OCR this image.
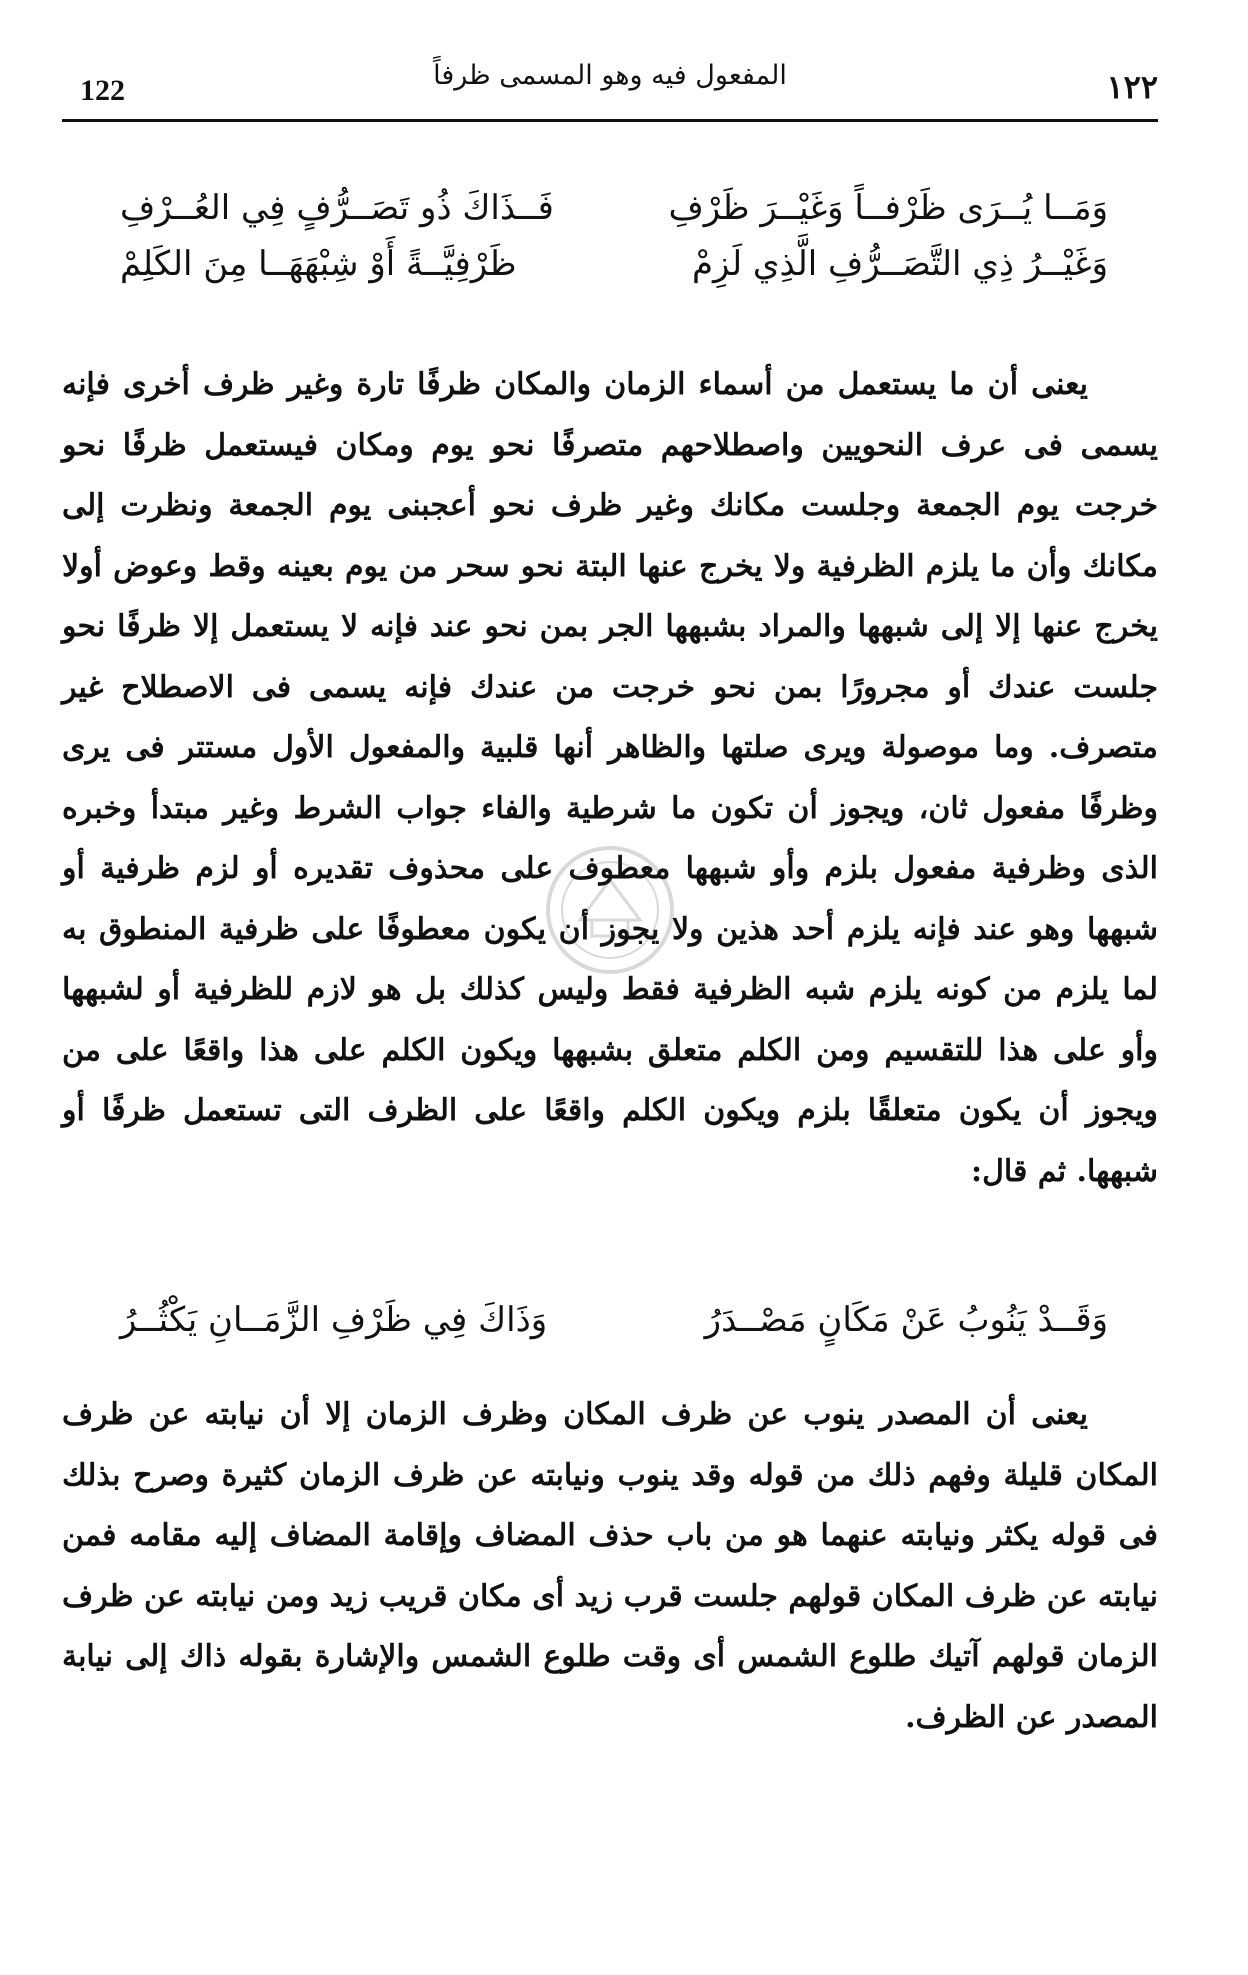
122	المفعول فيه وهو المسمى ظرفاً	١٢٢
وَمَــا يُــرَى ظَرْفــاً وَغَيْــرَ ظَرْفِ
فَــذَاكَ ذُو تَصَــرُّفٍ فِي العُــرْفِ
وَغَيْــرُ ذِي التَّصَــرُّفِ الَّذِي لَزِمْ
ظَرْفِيَّــةً أَوْ شِبْهَهَــا مِنَ الكَلِمْ

يعنى أن ما يستعمل من أسماء الزمان والمكان ظرفًا تارة وغير ظرف أخرى فإنه يسمى فى عرف النحويين واصطلاحهم متصرفًا نحو يوم ومكان فيستعمل ظرفًا نحو خرجت يوم الجمعة وجلست مكانك وغير ظرف نحو أعجبنى يوم الجمعة ونظرت إلى مكانك وأن ما يلزم الظرفية ولا يخرج عنها البتة نحو سحر من يوم بعينه وقط وعوض أولا يخرج عنها إلا إلى شبهها والمراد بشبهها الجر بمن نحو عند فإنه لا يستعمل إلا ظرفًا نحو جلست عندك أو مجرورًا بمن نحو خرجت من عندك فإنه يسمى فى الاصطلاح غير متصرف. وما موصولة ويرى صلتها والظاهر أنها قلبية والمفعول الأول مستتر فى يرى وظرفًا مفعول ثان، ويجوز أن تكون ما شرطية والفاء جواب الشرط وغير مبتدأ وخبره الذى وظرفية مفعول بلزم وأو شبهها معطوف على محذوف تقديره أو لزم ظرفية أو شبهها وهو عند فإنه يلزم أحد هذين ولا يجوز أن يكون معطوفًا على ظرفية المنطوق به لما يلزم من كونه يلزم شبه الظرفية فقط وليس كذلك بل هو لازم للظرفية أو لشبهها وأو على هذا للتقسيم ومن الكلم متعلق بشبهها ويكون الكلم على هذا واقعًا على من ويجوز أن يكون متعلقًا بلزم ويكون الكلم واقعًا على الظرف التى تستعمل ظرفًا أو شبهها. ثم قال:

وَقَــدْ يَنُوبُ عَنْ مَكَانٍ مَصْــدَرُ
وَذَاكَ فِي ظَرْفِ الزَّمَــانِ يَكْثُــرُ

يعنى أن المصدر ينوب عن ظرف المكان وظرف الزمان إلا أن نيابته عن ظرف المكان قليلة وفهم ذلك من قوله وقد ينوب ونيابته عن ظرف الزمان كثيرة وصرح بذلك فى قوله يكثر ونيابته عنهما هو من باب حذف المضاف وإقامة المضاف إليه مقامه فمن نيابته عن ظرف المكان قولهم جلست قرب زيد أى مكان قريب زيد ومن نيابته عن ظرف الزمان قولهم آتيك طلوع الشمس أى وقت طلوع الشمس والإشارة بقوله ذاك إلى نيابة المصدر عن الظرف.
